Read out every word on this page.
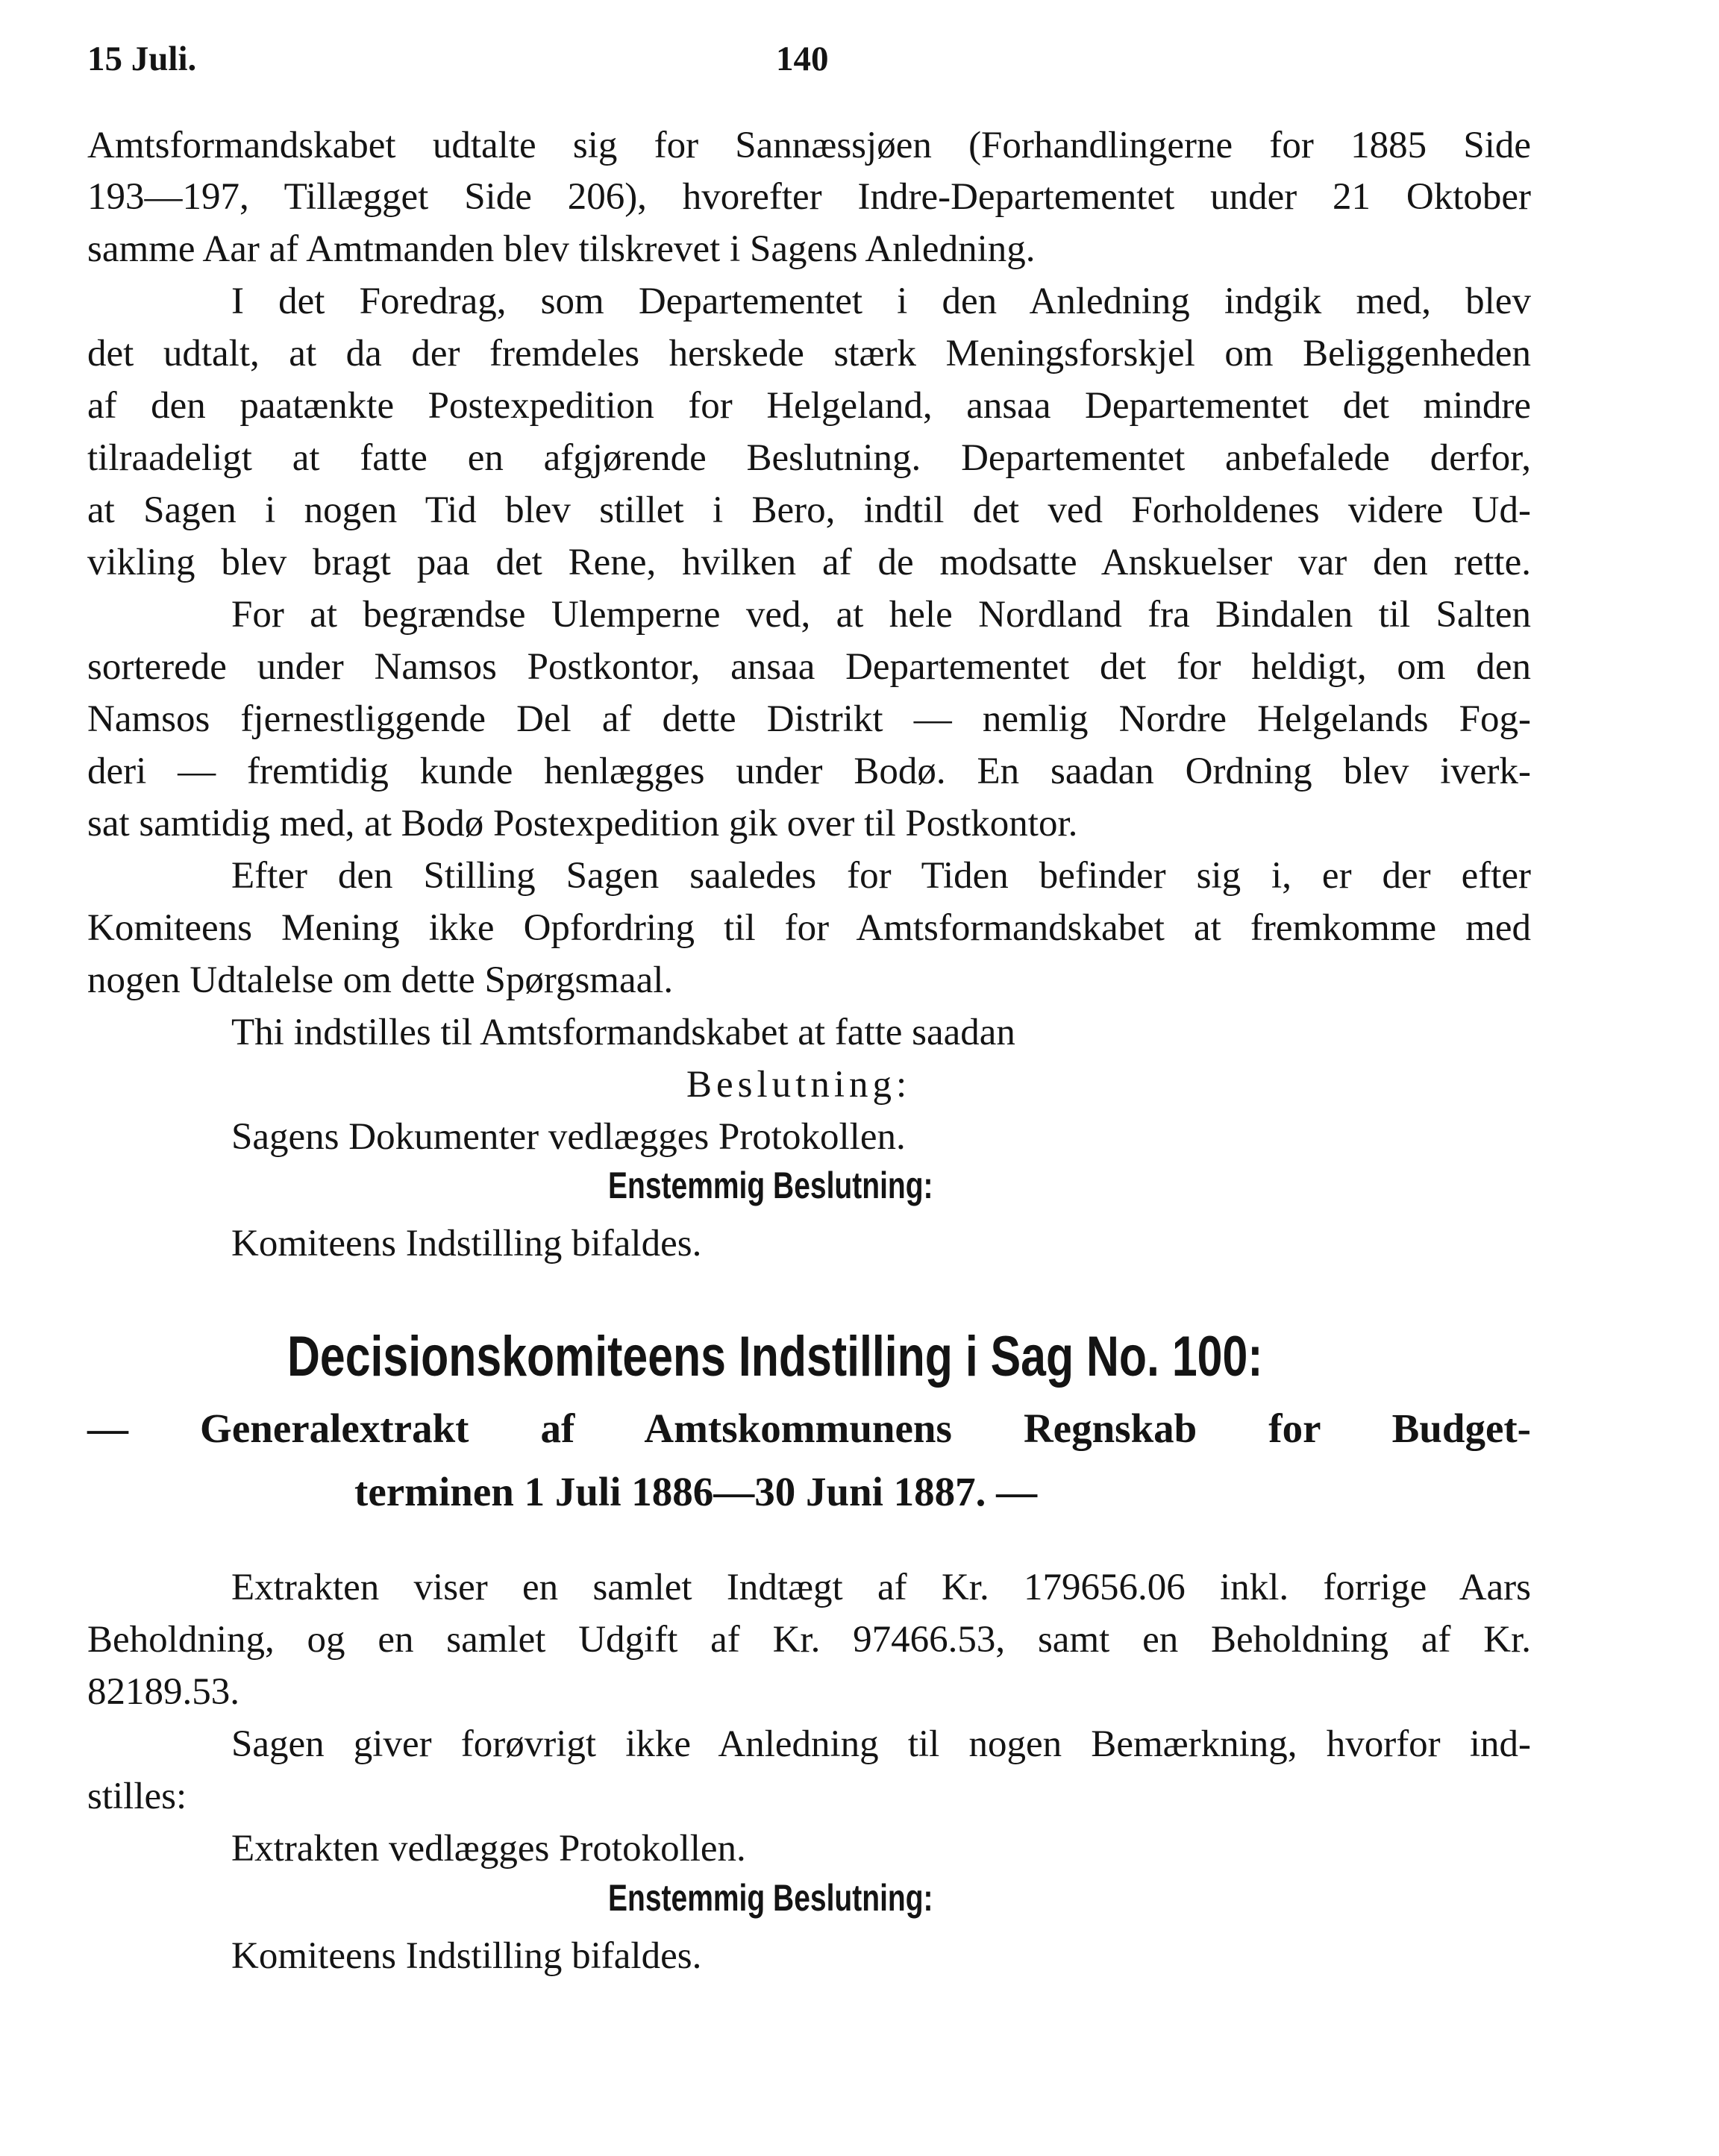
15 Juli.	140
Amtsformandskabet udtalte sig for Sannæssjøen (Forhandlingerne for 1885 Side
193—197, Tillægget Side 206), hvorefter Indre-Departementet under 21 Oktober
samme Aar af Amtmanden blev tilskrevet i Sagens Anledning.
I det Foredrag, som Departementet i den Anledning indgik med, blev
det udtalt, at da der fremdeles herskede stærk Meningsforskjel om Beliggenheden
af den paatænkte Postexpedition for Helgeland, ansaa Departementet det mindre
tilraadeligt at fatte en afgjørende Beslutning. Departementet anbefalede derfor,
at Sagen i nogen Tid blev stillet i Bero, indtil det ved Forholdenes videre Ud-
vikling blev bragt paa det Rene, hvilken af de modsatte Anskuelser var den rette.
For at begrændse Ulemperne ved, at hele Nordland fra Bindalen til Salten
sorterede under Namsos Postkontor, ansaa Departementet det for heldigt, om den
Namsos fjernestliggende Del af dette Distrikt — nemlig Nordre Helgelands Fog-
deri — fremtidig kunde henlægges under Bodø. En saadan Ordning blev iverk-
sat samtidig med, at Bodø Postexpedition gik over til Postkontor.
Efter den Stilling Sagen saaledes for Tiden befinder sig i, er der efter
Komiteens Mening ikke Opfordring til for Amtsformandskabet at fremkomme med
nogen Udtalelse om dette Spørgsmaal.
Thi indstilles til Amtsformandskabet at fatte saadan
Beslutning:
Sagens Dokumenter vedlægges Protokollen.
Enstemmig Beslutning:
Komiteens Indstilling bifaldes.
Decisionskomiteens Indstilling i Sag No. 100:
— Generalextrakt af Amtskommunens Regnskab for Budget-
terminen 1 Juli 1886—30 Juni 1887. —
Extrakten viser en samlet Indtægt af Kr. 179656.06 inkl. forrige Aars
Beholdning, og en samlet Udgift af Kr. 97466.53, samt en Beholdning af Kr.
82189.53.
Sagen giver forøvrigt ikke Anledning til nogen Bemærkning, hvorfor ind-
stilles:
Extrakten vedlægges Protokollen.
Enstemmig Beslutning:
Komiteens Indstilling bifaldes.
